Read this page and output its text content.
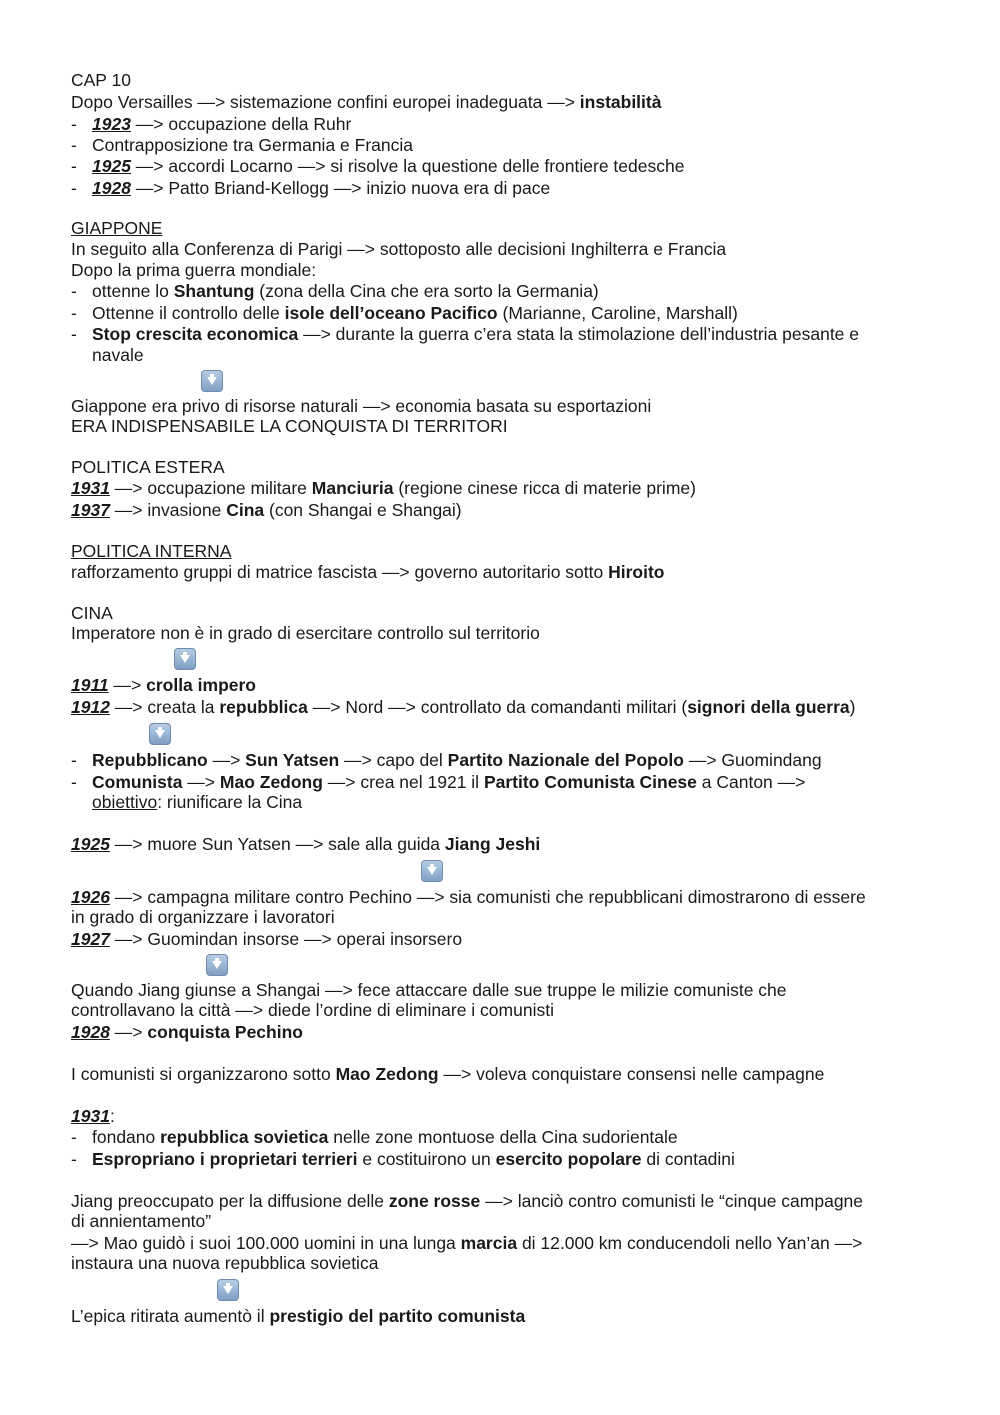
CAP 10
Dopo Versailles —> sistemazione confini europei inadeguata —> instabilità
- 1923 —> occupazione della Ruhr
- Contrapposizione tra Germania e Francia
- 1925 —> accordi Locarno —> si risolve la questione delle frontiere tedesche
- 1928 —> Patto Briand-Kellogg —> inizio nuova era di pace
GIAPPONE
In seguito alla Conferenza di Parigi —> sottoposto alle decisioni Inghilterra e Francia
Dopo la prima guerra mondiale:
- ottenne lo Shantung (zona della Cina che era sorto la Germania)
- Ottenne il controllo delle isole dell’oceano Pacifico (Marianne, Caroline, Marshall)
- Stop crescita economica —> durante la guerra c’era stata la stimolazione dell’industria pesante e
navale
Giappone era privo di risorse naturali —> economia basata su esportazioni
ERA INDISPENSABILE LA CONQUISTA DI TERRITORI
POLITICA ESTERA
1931 —> occupazione militare Manciuria (regione cinese ricca di materie prime)
1937 —> invasione Cina (con Shangai e Shangai)
POLITICA INTERNA
rafforzamento gruppi di matrice fascista —> governo autoritario sotto Hiroito
CINA
Imperatore non è in grado di esercitare controllo sul territorio
1911 —> crolla impero
1912 —> creata la repubblica —> Nord —> controllato da comandanti militari (signori della guerra)
- Repubblicano —> Sun Yatsen —> capo del Partito Nazionale del Popolo —> Guomindang
- Comunista —> Mao Zedong —> crea nel 1921 il Partito Comunista Cinese a Canton —>
obiettivo: riunificare la Cina
1925 —> muore Sun Yatsen —> sale alla guida Jiang Jeshi
1926 —> campagna militare contro Pechino —> sia comunisti che repubblicani dimostrarono di essere
in grado di organizzare i lavoratori
1927 —> Guomindan insorse —> operai insorsero
Quando Jiang giunse a Shangai —> fece attaccare dalle sue truppe le milizie comuniste che
controllavano la città —> diede l’ordine di eliminare i comunisti
1928 —> conquista Pechino
I comunisti si organizzarono sotto Mao Zedong —> voleva conquistare consensi nelle campagne
1931:
- fondano repubblica sovietica nelle zone montuose della Cina sudorientale
- Espropriano i proprietari terrieri e costituirono un esercito popolare di contadini
Jiang preoccupato per la diffusione delle zone rosse —> lanciò contro comunisti le “cinque campagne
di annientamento”
—> Mao guidò i suoi 100.000 uomini in una lunga marcia di 12.000 km conducendoli nello Yan’an —>
instaura una nuova repubblica sovietica
L’epica ritirata aumentò il prestigio del partito comunista
